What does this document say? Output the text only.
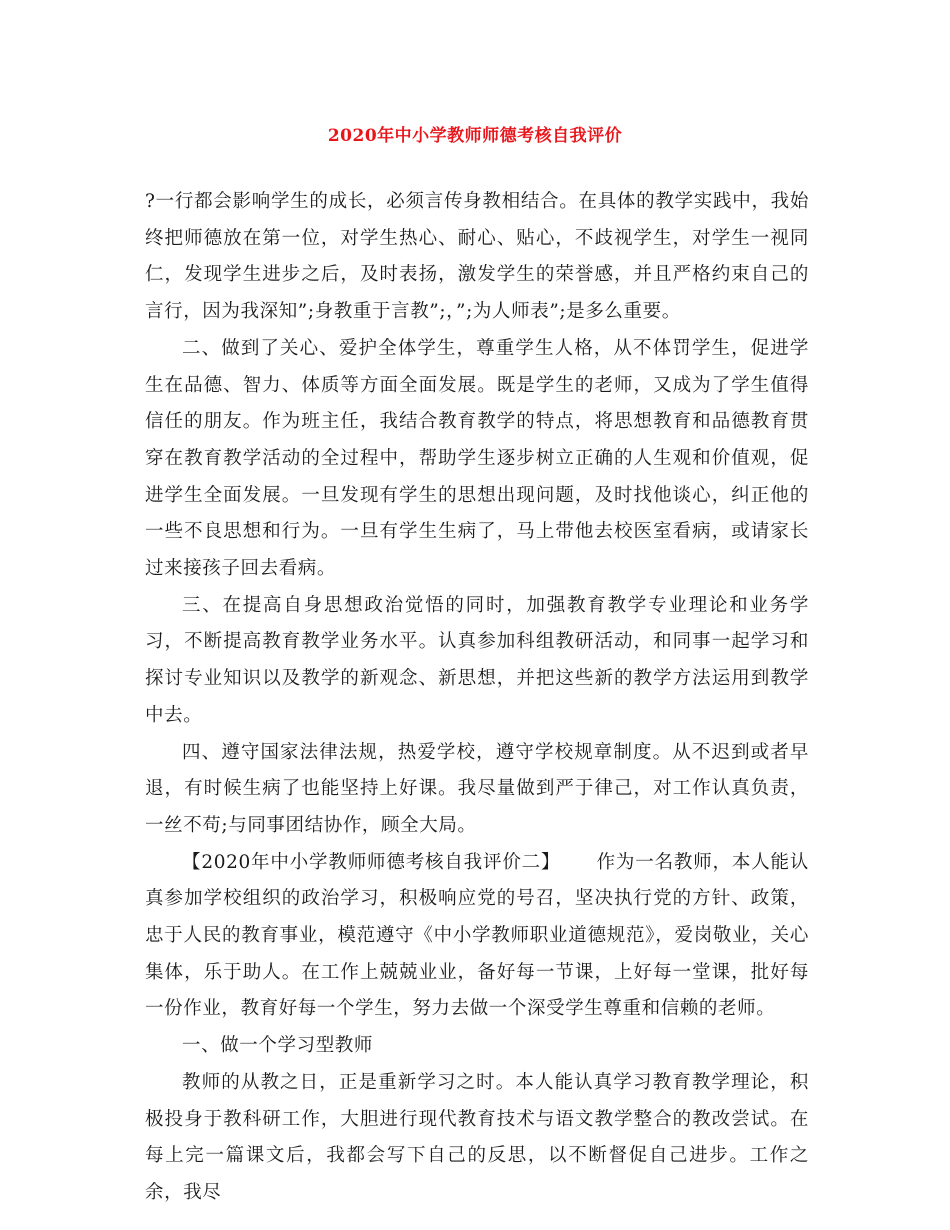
2020年中小学教师师德考核自我评价

?一行都会影响学生的成长，必须言传身教相结合。在具体的教学实践中，我始终把师德放在第一位，对学生热心、耐心、贴心，不歧视学生，对学生一视同仁，发现学生进步之后，及时表扬，激发学生的荣誉感，并且严格约束自己的言行，因为我深知”;身教重于言教”;，”;为人师表”;是多么重要。

二、做到了关心、爱护全体学生，尊重学生人格，从不体罚学生，促进学生在品德、智力、体质等方面全面发展。既是学生的老师，又成为了学生值得信任的朋友。作为班主任，我结合教育教学的特点，将思想教育和品德教育贯穿在教育教学活动的全过程中，帮助学生逐步树立正确的人生观和价值观，促进学生全面发展。一旦发现有学生的思想出现问题，及时找他谈心，纠正他的一些不良思想和行为。一旦有学生生病了，马上带他去校医室看病，或请家长过来接孩子回去看病。

三、在提高自身思想政治觉悟的同时，加强教育教学专业理论和业务学习，不断提高教育教学业务水平。认真参加科组教研活动，和同事一起学习和探讨专业知识以及教学的新观念、新思想，并把这些新的教学方法运用到教学中去。

四、遵守国家法律法规，热爱学校，遵守学校规章制度。从不迟到或者早退，有时候生病了也能坚持上好课。我尽量做到严于律己，对工作认真负责，一丝不苟;与同事团结协作，顾全大局。

【2020年中小学教师师德考核自我评价二】 作为一名教师，本人能认真参加学校组织的政治学习，积极响应党的号召，坚决执行党的方针、政策，忠于人民的教育事业，模范遵守《中小学教师职业道德规范》，爱岗敬业，关心集体，乐于助人。在工作上兢兢业业，备好每一节课，上好每一堂课，批好每一份作业，教育好每一个学生，努力去做一个深受学生尊重和信赖的老师。

一、做一个学习型教师

教师的从教之日，正是重新学习之时。本人能认真学习教育教学理论，积极投身于教科研工作，大胆进行现代教育技术与语文教学整合的教改尝试。在每上完一篇课文后，我都会写下自己的反思，以不断督促自己进步。工作之余，我尽
